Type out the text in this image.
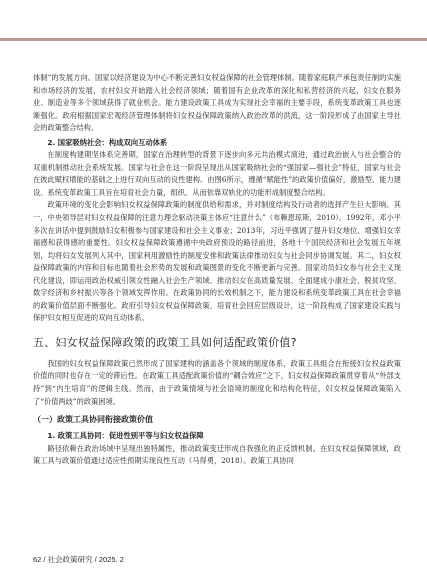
体制”的发展方向。国家以经济建设为中心不断完善妇女权益保障的社会管理体制。随着家庭联产承包责任制的实施和市场经济的发展，农村妇女开始踏入社会经济领域；随着国有企业改革的深化和私营经济的兴起，妇女在服务业、制造业等多个领域获得了就业机会。能力建设政策工具成为实现社会幸福的主要手段，系统变革政策工具也逐渐强化。政府根据国家宏观经济管理体制将妇女权益保障政策纳入政治改革的洪流，这一阶段形成了由国家主导社会的政策整合结构。

2. 国家吸纳社会：构成双向互动体系

在制度构建期坚体系完善期，国家在治理转型的背景下逐步向多元共治模式演进，通过政治嵌入与社会整合的双重机制推动社会系统发展。国家与社会在这一阶段呈现出从国家吸纳社会的“强国家—强社会”特征，国家与社会在彼此赋权增能的基础之上进行双向互动的良性建构。由图6所示，遵循“赋能性”的政策价值偏好，激励型、能力建设、系统变革政策工具旨在培育社会力量，组织、从而依靠双轨化的功能形成制度整合结构。

政策环境的变化会影响妇女权益保障政策的制度供给和需求，并对制度结构及行动者的选择产生巨大影响。其一，中央领导层对妇女权益保障的注意力理念驱动决策主体应“注意什么”（布赖恩琼斯，2010）。1992年，邓小平多次在讲话中提到鼓励妇女积极参与国家建设和社会主义事业；2013年，习近平强调了提升妇女地位、增强妇女幸福感和获得感的重要性。妇女权益保障政策遵循中央政府预设的路径前进，各地十个国民经济和社会发展五年规划，均将妇女发展列入其中，国家利用激励性的制度安排和政策法律推动妇女与社会同步协调发展。其二，妇女权益保障政策的内容和目标也随着社会形势的发展和政策图景的变化不断更新与完善。国家动员妇女参与社会主义现代化建设，即运用政治权威引领女性融入社会生产领域、推动妇女在高质量发展、全面建成小康社会、脱贫攻坚、数字经济和乡村振兴等各个领域发挥作用。在政策协同的长效机制之下，能力建设和系统变革政策工具在社会幸福的政策价值层面不断强化。政府引导妇女权益保障政策、培育社会回应层级设计，这一阶段构成了国家建设实践与保护妇女相互促进的双向互动体系。

五、妇女权益保障政策的政策工具如何适配政策价值?

我国的妇女权益保障政策已然形成了国家建构的涵盖各个领域的制度体系，政策工具组合在衔接妇女权益政策价值的同时也存在一定的滞后性。在政策工具适配政策价值的“耦合效应”之下，妇女权益保障政策贯穿着从“外部支持”到“内生培育”的逻辑主线。然而，由于政策情境与社会语境的制度化和结构化特征，妇女权益保障政策陷入了“价值两歧”的政策困境。

（一）政策工具协同衔接政策价值

1. 政策工具协同：促进性别平等与妇女权益保障

路径依赖在政治场域中呈现出独特属性，推动政策变迁形成自我强化的正反馈机制。在妇女权益保障领域，政策工具与政策价值通过适应性预期实现良性互动（马得勇，2018）。政策工具协同

62 / 社会政策研究 / 2025. 2
